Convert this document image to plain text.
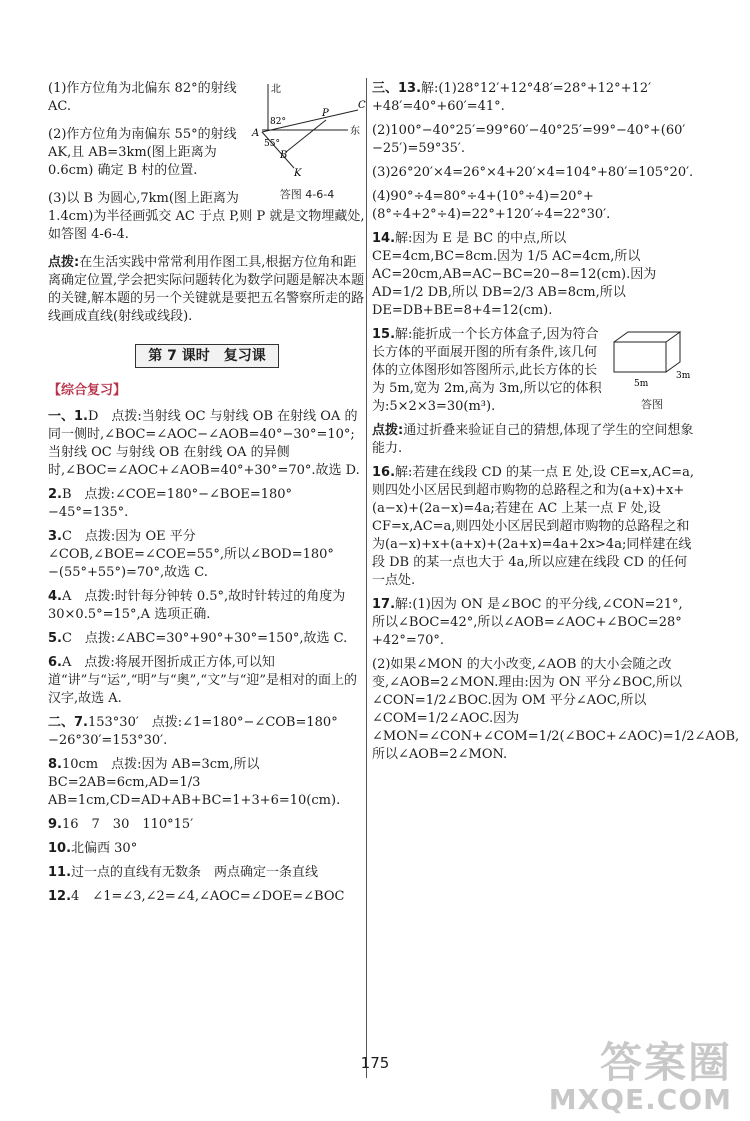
北
东
A
B
C
P
K
82°
55°
答图 4-6-4

(1)作方位角为北偏东 82°的射线 AC.

(2)作方位角为南偏东 55°的射线 AK,且 AB=3km(图上距离为0.6cm) 确定 B 村的位置.

(3)以 B 为圆心,7km(图上距离为 1.4cm)为半径画弧交 AC 于点 P,则 P 就是文物埋藏处,如答图 4-6-4.

点拨:在生活实践中常常利用作图工具,根据方位角和距离确定位置,学会把实际问题转化为数学问题是解决本题的关键,解本题的另一个关键就是要把五名警察所走的路线画成直线(射线或线段).

第 7 课时　复习课
【综合复习】

一、1.D　点拨:当射线 OC 与射线 OB 在射线 OA 的同一侧时,∠BOC=∠AOC−∠AOB=40°−30°=10°;当射线 OC 与射线 OB 在射线 OA 的异侧时,∠BOC=∠AOC+∠AOB=40°+30°=70°.故选 D.

2.B　点拨:∠COE=180°−∠BOE=180°−45°=135°.

3.C　点拨:因为 OE 平分∠COB,∠BOE=∠COE=55°,所以∠BOD=180°−(55°+55°)=70°,故选 C.

4.A　点拨:时针每分钟转 0.5°,故时针转过的角度为 30×0.5°=15°,A 选项正确.

5.C　点拨:∠ABC=30°+90°+30°=150°,故选 C.

6.A　点拨:将展开图折成正方体,可以知道“讲”与“运”,“明”与“奥”,“文”与“迎”是相对的面上的汉字,故选 A.

二、7.153°30′　点拨:∠1=180°−∠COB=180°−26°30′=153°30′.

8.10cm　点拨:因为 AB=3cm,所以 BC=2AB=6cm,AD=1/3 AB=1cm,CD=AD+AB+BC=1+3+6=10(cm).

9.16　7　30　110°15′

10.北偏西 30°

11.过一点的直线有无数条　两点确定一条直线

12.4　∠1=∠3,∠2=∠4,∠AOC=∠DOE=∠BOC

三、13.解:(1)28°12′+12°48′=28°+12°+12′+48′=40°+60′=41°.

(2)100°−40°25′=99°60′−40°25′=99°−40°+(60′−25′)=59°35′.

(3)26°20′×4=26°×4+20′×4=104°+80′=105°20′.

(4)90°÷4=80°÷4+(10°÷4)=20°+(8°÷4+2°÷4)=22°+120′÷4=22°30′.

14.解:因为 E 是 BC 的中点,所以 CE=4cm,BC=8cm.因为 1/5 AC=4cm,所以 AC=20cm,AB=AC−BC=20−8=12(cm).因为 AD=1/2 DB,所以 DB=2/3 AB=8cm,所以 DE=DB+BE=8+4=12(cm).

3m
5m
答图

15.解:能折成一个长方体盒子,因为符合长方体的平面展开图的所有条件,该几何体的立体图形如答图所示,此长方体的长为 5m,宽为 2m,高为 3m,所以它的体积为:5×2×3=30(m³).

点拨:通过折叠来验证自己的猜想,体现了学生的空间想象能力.

16.解:若建在线段 CD 的某一点 E 处,设 CE=x,AC=a,则四处小区居民到超市购物的总路程之和为(a+x)+x+(a−x)+(2a−x)=4a;若建在 AC 上某一点 F 处,设 CF=x,AC=a,则四处小区居民到超市购物的总路程之和为(a−x)+x+(a+x)+(2a+x)=4a+2x>4a;同样建在线段 DB 的某一点也大于 4a,所以应建在线段 CD 的任何一点处.

17.解:(1)因为 ON 是∠BOC 的平分线,∠CON=21°,所以∠BOC=42°,所以∠AOB=∠AOC+∠BOC=28°+42°=70°.

(2)如果∠MON 的大小改变,∠AOB 的大小会随之改变,∠AOB=2∠MON.理由:因为 ON 平分∠BOC,所以∠CON=1/2∠BOC.因为 OM 平分∠AOC,所以∠COM=1/2∠AOC.因为∠MON=∠CON+∠COM=1/2(∠BOC+∠AOC)=1/2∠AOB,所以∠AOB=2∠MON.

175	答案圈
MXQE.COM
